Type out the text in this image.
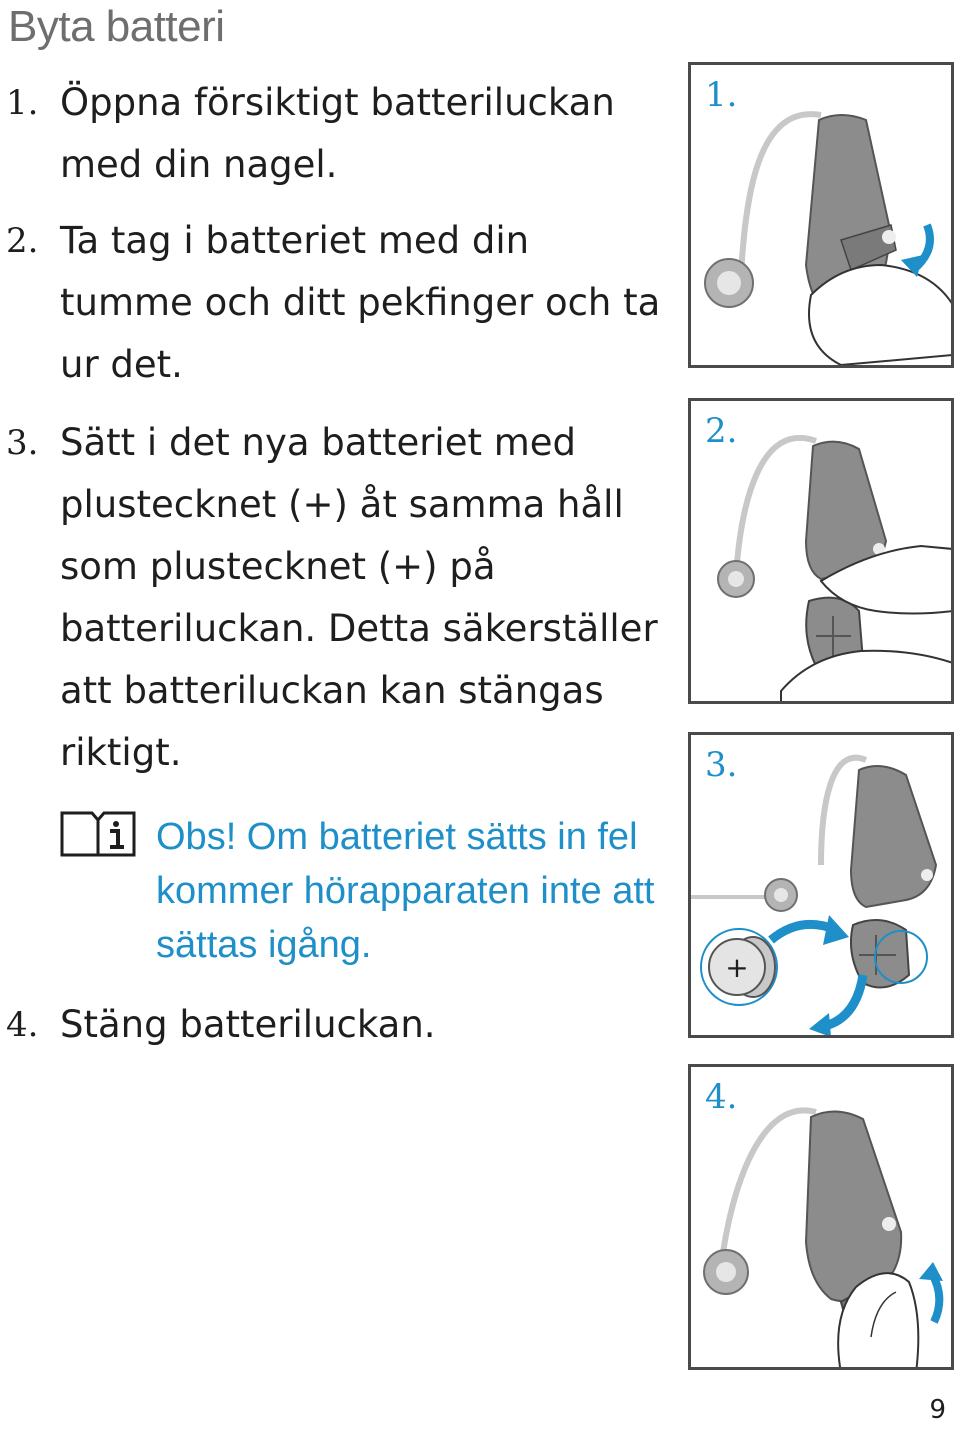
Byta batteri
1. Öppna försiktigt batteriluckan med din nagel.
2. Ta tag i batteriet med din tumme och ditt pekfinger och ta ur det.
3. Sätt i det nya batteriet med plustecknet (+) åt samma håll som plustecknet (+) på batteriluckan. Detta säkerställer att batteriluckan kan stängas riktigt.
Obs! Om batteriet sätts in fel kommer hörapparaten inte att sättas igång.
4. Stäng batteriluckan.
1.
2.
3.
+
4.
9
